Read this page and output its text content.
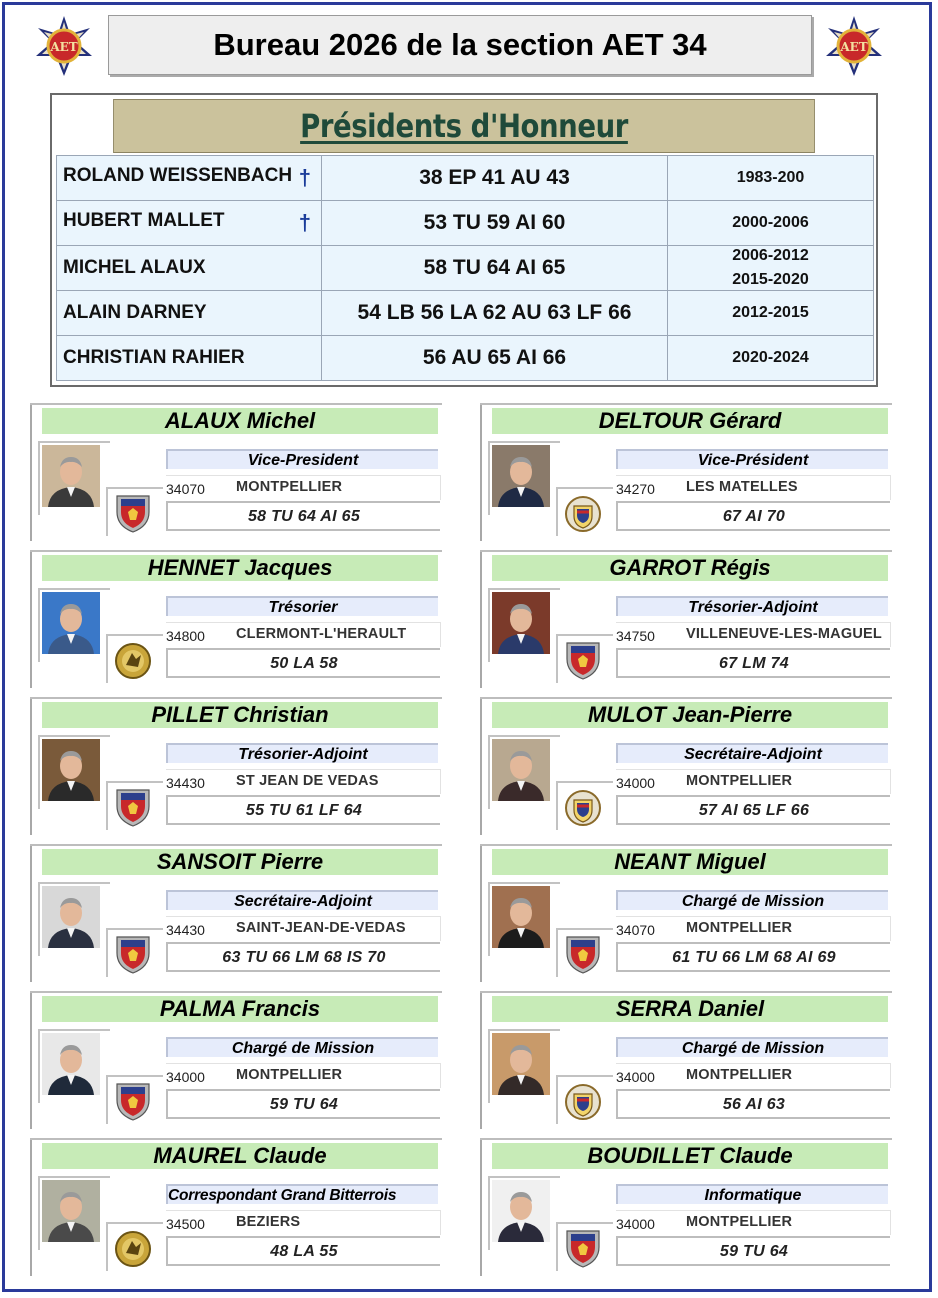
AET	AET
Bureau 2026 de la section AET 34
Présidents d'Honneur
ROLAND WEISSENBACH †	38 EP 41 AU 43	1983-200

HUBERT MALLET †	53 TU 59 AI 60	2000-2006

MICHEL ALAUX	58 TU 64 AI 65	2006-2012
2015-2020

ALAIN DARNEY	54 LB 56 LA 62 AU 63 LF 66	2012-2015

CHRISTIAN RAHIER	56 AU 65 AI 66	2020-2024
ALAUX Michel
Vice-President
34070 MONTPELLIER
58 TU 64 AI 65
DELTOUR Gérard
Vice-Président
34270 LES MATELLES
67 AI 70
HENNET Jacques
Trésorier
34800 CLERMONT-L'HERAULT
50 LA 58
GARROT Régis
Trésorier-Adjoint
34750 VILLENEUVE-LES-MAGUEL
67 LM 74
PILLET Christian
Trésorier-Adjoint
34430 ST JEAN DE VEDAS
55 TU 61 LF 64
MULOT Jean-Pierre
Secrétaire-Adjoint
34000 MONTPELLIER
57 AI 65 LF 66
SANSOIT Pierre
Secrétaire-Adjoint
34430 SAINT-JEAN-DE-VEDAS
63 TU 66 LM 68 IS 70
NEANT Miguel
Chargé de Mission
34070 MONTPELLIER
61 TU 66 LM 68 AI 69
PALMA Francis
Chargé de Mission
34000 MONTPELLIER
59 TU 64
SERRA Daniel
Chargé de Mission
34000 MONTPELLIER
56 AI 63
MAUREL Claude
Correspondant Grand Bitterrois
34500 BEZIERS
48 LA 55
BOUDILLET Claude
Informatique
34000 MONTPELLIER
59 TU 64
